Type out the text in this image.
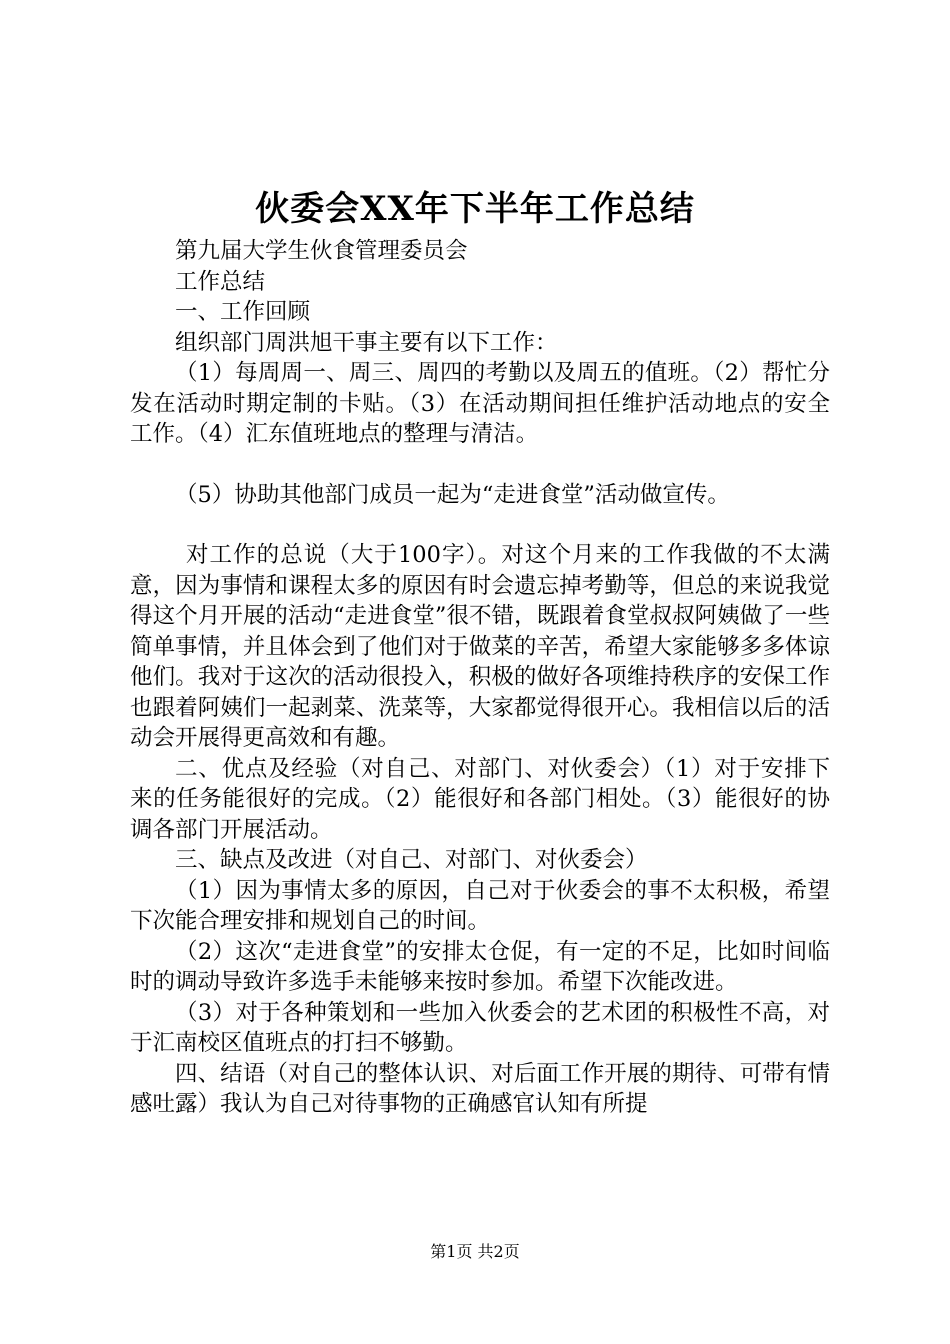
伙委会XX年下半年工作总结

第九届大学生伙食管理委员会

工作总结

一、工作回顾

组织部门周洪旭干事主要有以下工作：

（1）每周周一、周三、周四的考勤以及周五的值班。（2）帮忙分发在活动时期定制的卡贴。（3）在活动期间担任维护活动地点的安全工作。（4）汇东值班地点的整理与清洁。

（5）协助其他部门成员一起为“走进食堂”活动做宣传。

对工作的总说（大于100字）。对这个月来的工作我做的不太满意，因为事情和课程太多的原因有时会遗忘掉考勤等，但总的来说我觉得这个月开展的活动“走进食堂”很不错，既跟着食堂叔叔阿姨做了一些简单事情，并且体会到了他们对于做菜的辛苦，希望大家能够多多体谅他们。我对于这次的活动很投入，积极的做好各项维持秩序的安保工作也跟着阿姨们一起剥菜、洗菜等，大家都觉得很开心。我相信以后的活动会开展得更高效和有趣。

二、优点及经验（对自己、对部门、对伙委会）（1）对于安排下来的任务能很好的完成。（2）能很好和各部门相处。（3）能很好的协调各部门开展活动。

三、缺点及改进（对自己、对部门、对伙委会）

（1）因为事情太多的原因，自己对于伙委会的事不太积极，希望下次能合理安排和规划自己的时间。

（2）这次“走进食堂”的安排太仓促，有一定的不足，比如时间临时的调动导致许多选手未能够来按时参加。希望下次能改进。

（3）对于各种策划和一些加入伙委会的艺术团的积极性不高，对于汇南校区值班点的打扫不够勤。

四、结语（对自己的整体认识、对后面工作开展的期待、可带有情感吐露）我认为自己对待事物的正确感官认知有所提

第1页 共2页
